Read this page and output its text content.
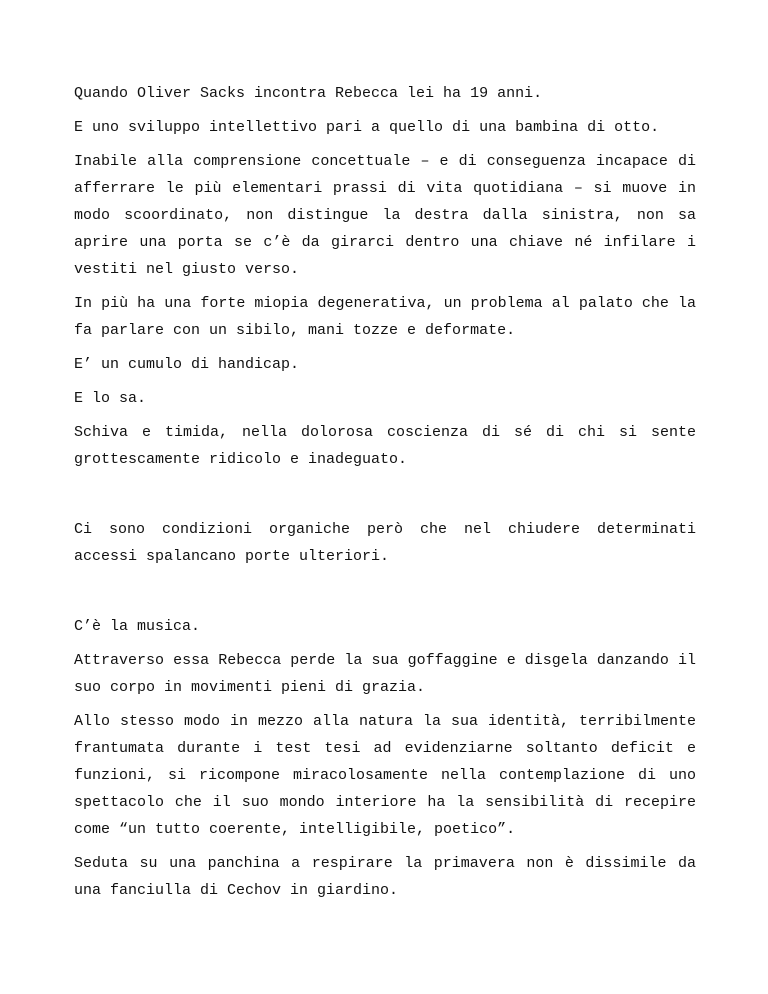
Quando Oliver Sacks incontra Rebecca lei ha 19 anni.

E uno sviluppo intellettivo pari a quello di una bambina di otto.

Inabile alla comprensione concettuale – e di conseguenza incapace di afferrare le più elementari prassi di vita quotidiana – si muove in modo scoordinato, non distingue la destra dalla sinistra, non sa aprire una porta se c’è da girarci dentro una chiave né infilare i vestiti nel giusto verso.

In più ha una forte miopia degenerativa, un problema al palato che la fa parlare con un sibilo, mani tozze e deformate.

E’ un cumulo di handicap.

E lo sa.

Schiva e timida, nella dolorosa coscienza di sé di chi si sente grottescamente ridicolo e inadeguato.

Ci sono condizioni organiche però che nel chiudere determinati accessi spalancano porte ulteriori.

C’è la musica.

Attraverso essa Rebecca perde la sua goffaggine e disgela danzando il suo corpo in movimenti pieni di grazia.

Allo stesso modo in mezzo alla natura la sua identità, terribilmente frantumata durante i test tesi ad evidenziarne soltanto deficit e funzioni, si ricompone miracolosamente nella contemplazione di uno spettacolo che il suo mondo interiore ha la sensibilità di recepire come “un tutto coerente, intelligibile, poetico”.

Seduta su una panchina a respirare la primavera non è dissimile da una fanciulla di Cechov in giardino.
